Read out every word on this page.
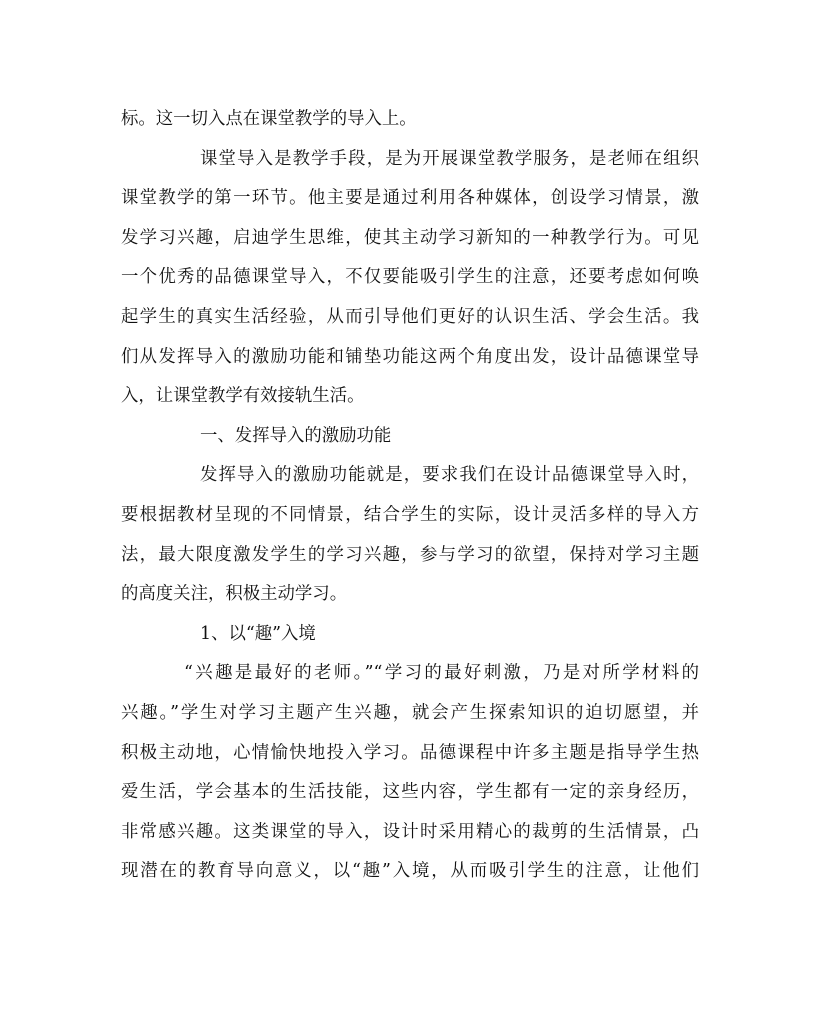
标。这一切入点在课堂教学的导入上。
课堂导入是教学手段，是为开展课堂教学服务，是老师在组织
课堂教学的第一环节。他主要是通过利用各种媒体，创设学习情景，激
发学习兴趣，启迪学生思维，使其主动学习新知的一种教学行为。可见
一个优秀的品德课堂导入，不仅要能吸引学生的注意，还要考虑如何唤
起学生的真实生活经验，从而引导他们更好的认识生活、学会生活。我
们从发挥导入的激励功能和铺垫功能这两个角度出发，设计品德课堂导
入，让课堂教学有效接轨生活。
一、发挥导入的激励功能
发挥导入的激励功能就是，要求我们在设计品德课堂导入时，
要根据教材呈现的不同情景，结合学生的实际，设计灵活多样的导入方
法，最大限度激发学生的学习兴趣，参与学习的欲望，保持对学习主题
的高度关注，积极主动学习。
1、以“趣”入境
“兴趣是最好的老师。”“学习的最好刺激，乃是对所学材料的
兴趣。”学生对学习主题产生兴趣，就会产生探索知识的迫切愿望，并
积极主动地，心情愉快地投入学习。品德课程中许多主题是指导学生热
爱生活，学会基本的生活技能，这些内容，学生都有一定的亲身经历，
非常感兴趣。这类课堂的导入，设计时采用精心的裁剪的生活情景，凸
现潜在的教育导向意义，以“趣”入境，从而吸引学生的注意，让他们
